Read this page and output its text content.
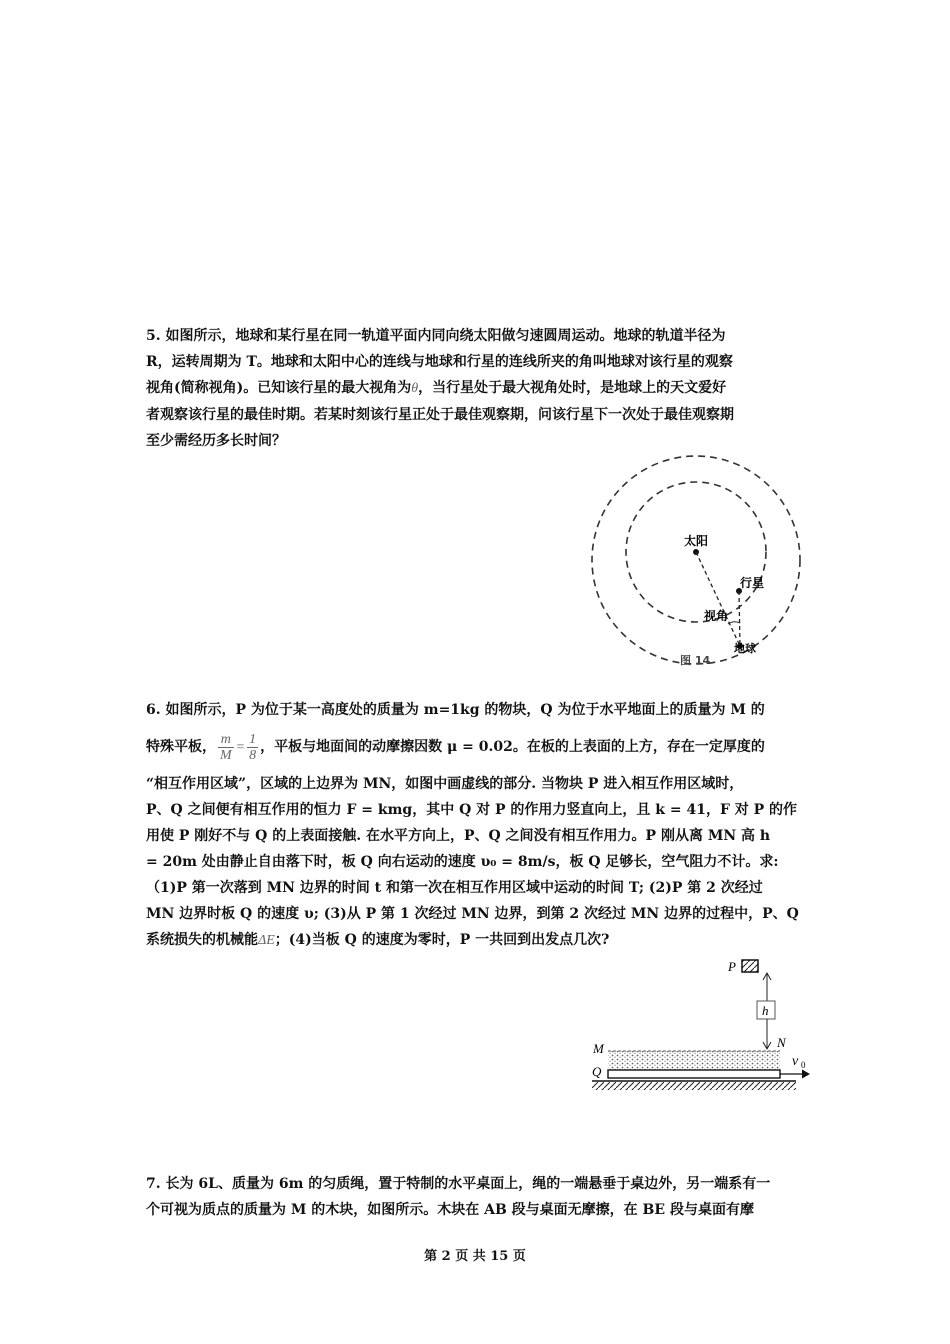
5. 如图所示，地球和某行星在同一轨道平面内同向绕太阳做匀速圆周运动。地球的轨道半径为
R，运转周期为 T。地球和太阳中心的连线与地球和行星的连线所夹的角叫地球对该行星的观察
视角(简称视角)。已知该行星的最大视角为θ，当行星处于最大视角处时，是地球上的天文爱好
者观察该行星的最佳时期。若某时刻该行星正处于最佳观察期，问该行星下一次处于最佳观察期
至少需经历多长时间？
太阳
行星
视角
地球
图 14
6. 如图所示，P 为位于某一高度处的质量为 m=1kg 的物块，Q 为位于水平地面上的质量为 M 的
特殊平板， $\frac{m}{M} = \frac{1}{8}$ ，平板与地面间的动摩擦因数 μ = 0.02。在板的上表面的上方，存在一定厚度的
“相互作用区域”，区域的上边界为 MN，如图中画虚线的部分. 当物块 P 进入相互作用区域时，
P、Q 之间便有相互作用的恒力 F = kmg，其中 Q 对 P 的作用力竖直向上，且 k = 41，F 对 P 的作
用使 P 刚好不与 Q 的上表面接触. 在水平方向上，P、Q 之间没有相互作用力。P 刚从离 MN 高 h
= 20m 处由静止自由落下时，板 Q 向右运动的速度 υ₀ = 8m/s，板 Q 足够长，空气阻力不计。求:
（1)P 第一次落到 MN 边界的时间 t 和第一次在相互作用区域中运动的时间 T; (2)P 第 2 次经过
MN 边界时板 Q 的速度 υ; (3)从 P 第 1 次经过 MN 边界，到第 2 次经过 MN 边界的过程中，P、Q
系统损失的机械能ΔE；(4)当板 Q 的速度为零时，P 一共回到出发点几次?
P
h
N
M
Q
v 0
7. 长为 6L、质量为 6m 的匀质绳，置于特制的水平桌面上，绳的一端悬垂于桌边外，另一端系有一
个可视为质点的质量为 M 的木块，如图所示。木块在 AB 段与桌面无摩擦，在 BE 段与桌面有摩
第 2 页 共 15 页
